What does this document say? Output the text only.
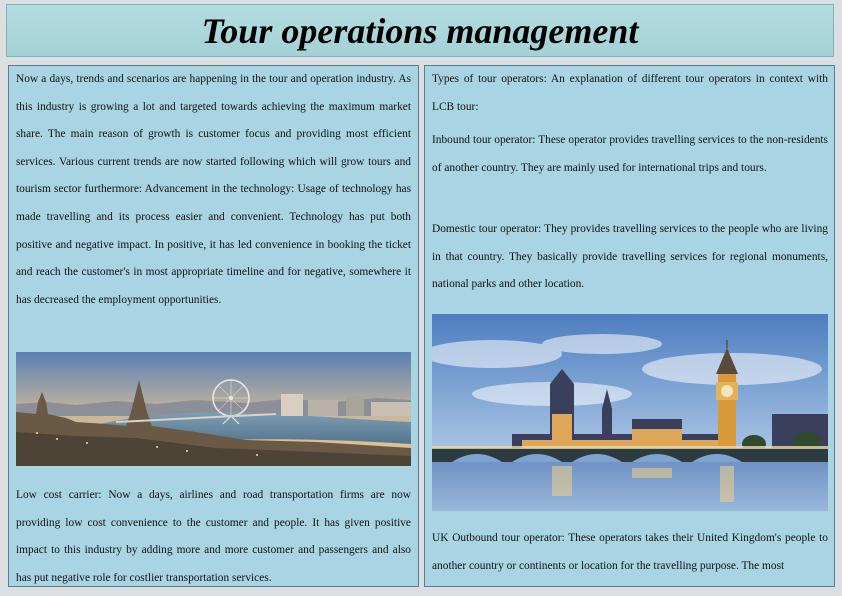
Tour operations management

Now a days, trends and scenarios are happening in the tour and operation industry. As this industry is growing a lot and targeted towards achieving the maximum market share. The main reason of growth is customer focus and providing most efficient services. Various current trends are now started following which will grow tours and tourism sector furthermore: Advancement in the technology: Usage of technology has made travelling and its process easier and convenient. Technology has put both positive and negative impact. In positive, it has led convenience in booking the ticket and reach the customer's in most appropriate timeline and for negative, somewhere it has decreased the employment opportunities.

Low cost carrier: Now a days, airlines and road transportation firms are now providing low cost convenience to the customer and people. It has given positive impact to this industry by adding more and more customer and passengers and also has put negative role for costlier transportation services.

Types of tour operators: An explanation of different tour operators in context with LCB tour:

Inbound tour operator: These operator provides travelling services to the non-residents of another country. They are mainly used for international trips and tours.

Domestic tour operator: They provides travelling services to the people who are living in that country. They basically provide travelling services for regional monuments, national parks and other location.

UK Outbound tour operator: These operators takes their United Kingdom's people to another country or continents or location for the travelling purpose. The most
